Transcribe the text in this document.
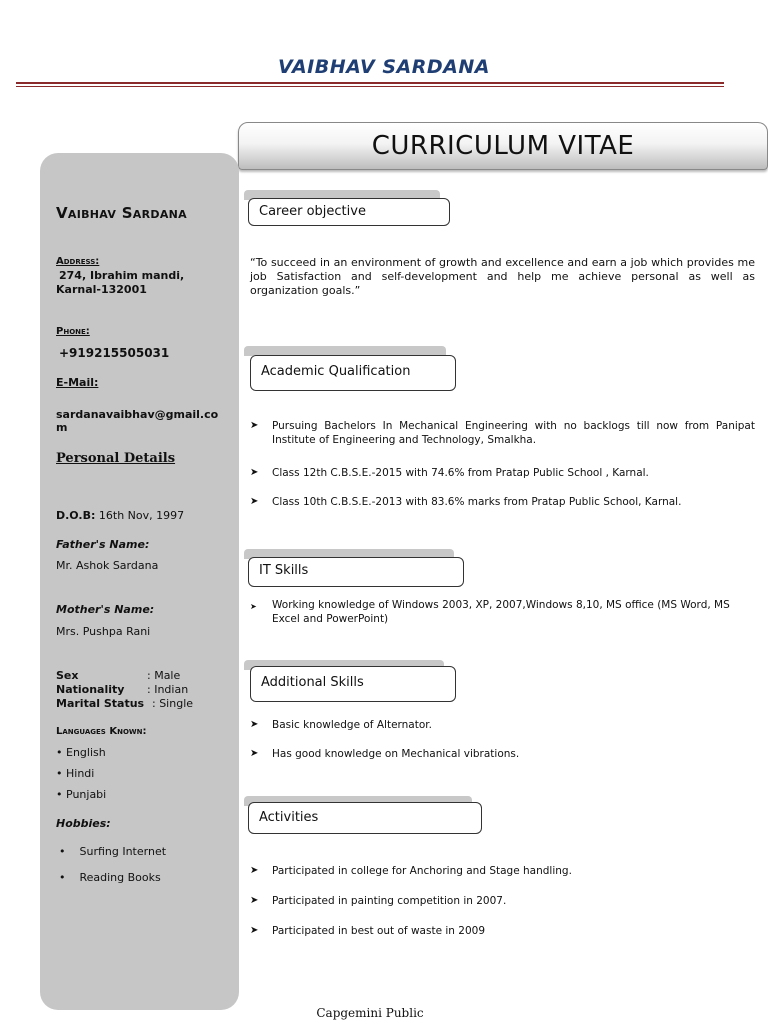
VAIBHAV SARDANA
CURRICULUM VITAE
Vaibhav Sardana
Address:
274, Ibrahim mandi,
Karnal-132001
Phone:
+919215505031
E-Mail:
sardanavaibhav@gmail.co
m
Personal Details
D.O.B: 16th Nov, 1997
Father's Name:
Mr. Ashok Sardana
Mother's Name:
Mrs. Pushpa Rani
Sex	: Male
Nationality : Indian
Marital Status : Single
Languages Known:
• English
• Hindi
• Punjabi
Hobbies:
•    Surfing Internet
•    Reading Books
Career objective
“To succeed in an environment of growth and excellence and earn a job which provides me job Satisfaction and self-development and help me achieve personal as well as organization goals.”
Academic Qualification
➤ Pursuing Bachelors In Mechanical Engineering with no backlogs till now from Panipat Institute of Engineering and Technology, Smalkha.
➤ Class 12th C.B.S.E.-2015 with 74.6% from Pratap Public School , Karnal.
➤ Class 10th C.B.S.E.-2013 with 83.6% marks from Pratap Public School, Karnal.
IT Skills
➤ Working knowledge of Windows 2003, XP, 2007,Windows 8,10, MS office (MS Word, MS Excel and PowerPoint)
Additional Skills
➤ Basic knowledge of Alternator.
➤ Has good knowledge on Mechanical vibrations.
Activities
➤ Participated in college for Anchoring and Stage handling.
➤ Participated in painting competition in 2007.
➤ Participated in best out of waste in 2009
Capgemini Public
